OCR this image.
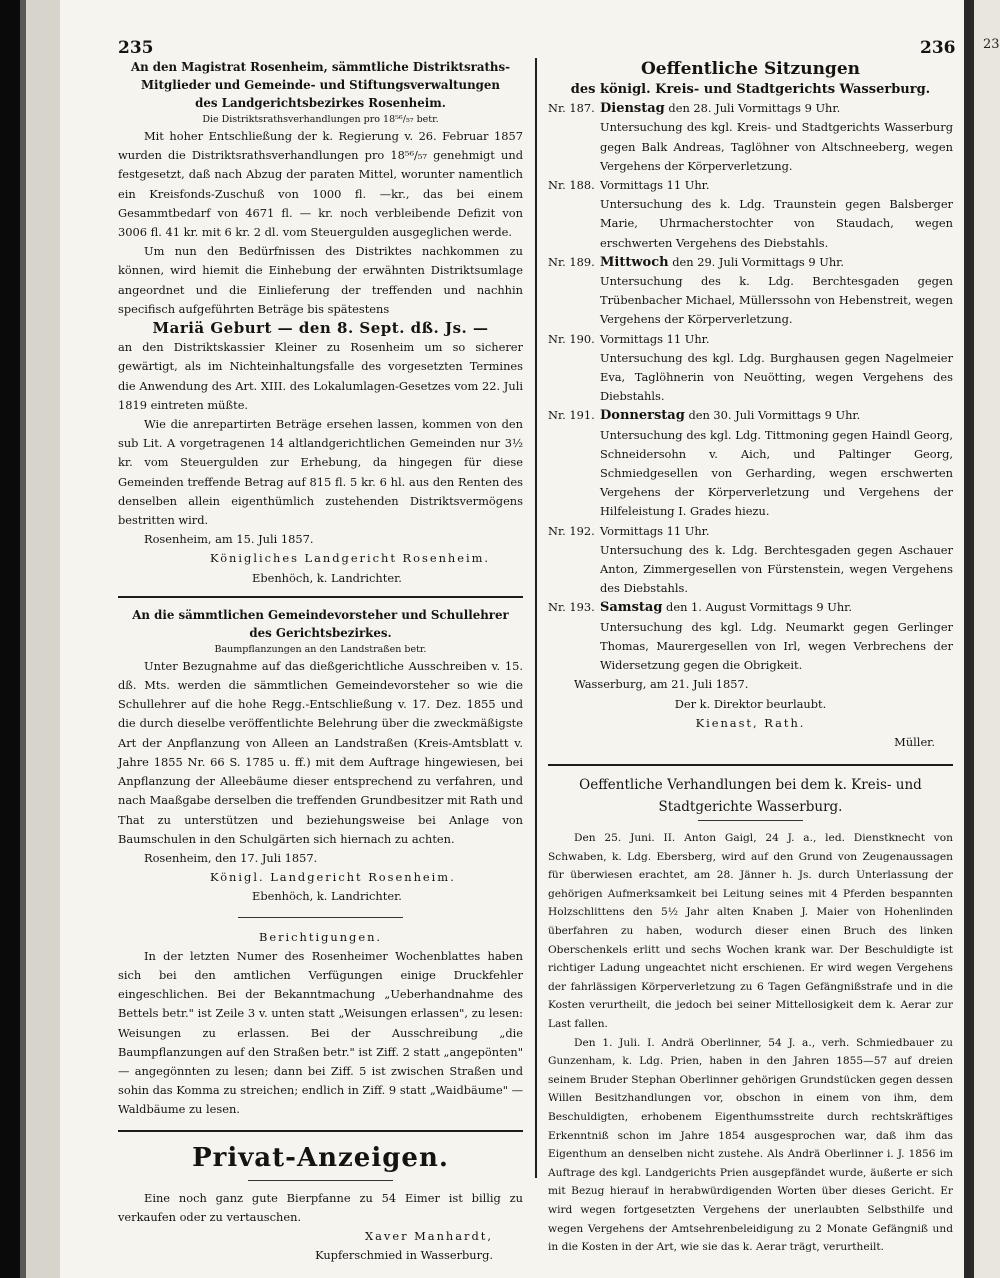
23
235	236
An den Magistrat Rosenheim, sämmtliche Distriktsraths-
Mitglieder und Gemeinde- und Stiftungsverwaltungen
des Landgerichtsbezirkes Rosenheim.

Die Distriktsrathsverhandlungen pro 18⁵⁶/₅₇ betr.

Mit hoher Entschließung der k. Regierung v. 26. Februar 1857 wurden die Distriktsrathsverhandlungen pro 18⁵⁶/₅₇ genehmigt und festgesetzt, daß nach Abzug der paraten Mittel, worunter namentlich ein Kreisfonds-Zuschuß von 1000 fl. —kr., das bei einem Gesammtbedarf von 4671 fl. — kr. noch verbleibende Defizit von 3006 fl. 41 kr. mit 6 kr. 2 dl. vom Steuergulden ausgeglichen werde.

Um nun den Bedürfnissen des Distriktes nachkommen zu können, wird hiemit die Einhebung der erwähnten Distriktsumlage angeordnet und die Einlieferung der treffenden und nachhin specifisch aufgeführten Beträge bis spätestens

Mariä Geburt — den 8. Sept. dß. Js. —

an den Distriktskassier Kleiner zu Rosenheim um so sicherer gewärtigt, als im Nichteinhaltungsfalle des vorgesetzten Termines die Anwendung des Art. XIII. des Lokalumlagen-Gesetzes vom 22. Juli 1819 eintreten müßte.

Wie die anrepartirten Beträge ersehen lassen, kommen von den sub Lit. A vorgetragenen 14 altlandgerichtlichen Gemeinden nur 3½ kr. vom Steuergulden zur Erhebung, da hingegen für diese Gemeinden treffende Betrag auf 815 fl. 5 kr. 6 hl. aus den Renten des denselben allein eigenthümlich zustehenden Distriktsvermögens bestritten wird.

Rosenheim, am 15. Juli 1857.

Königliches Landgericht Rosenheim.

Ebenhöch, k. Landrichter.

An die sämmtlichen Gemeindevorsteher und Schullehrer
des Gerichtsbezirkes.

Baumpflanzungen an den Landstraßen betr.

Unter Bezugnahme auf das dießgerichtliche Ausschreiben v. 15. dß. Mts. werden die sämmtlichen Gemeindevorsteher so wie die Schullehrer auf die hohe Regg.-Entschließung v. 17. Dez. 1855 und die durch dieselbe veröffentlichte Belehrung über die zweckmäßigste Art der Anpflanzung von Alleen an Landstraßen (Kreis-Amtsblatt v. Jahre 1855 Nr. 66 S. 1785 u. ff.) mit dem Auftrage hingewiesen, bei Anpflanzung der Alleebäume dieser entsprechend zu verfahren, und nach Maaßgabe derselben die treffenden Grundbesitzer mit Rath und That zu unterstützen und beziehungsweise bei Anlage von Baumschulen in den Schulgärten sich hiernach zu achten.

Rosenheim, den 17. Juli 1857.

Königl. Landgericht Rosenheim.

Ebenhöch, k. Landrichter.

Berichtigungen.

In der letzten Numer des Rosenheimer Wochenblattes haben sich bei den amtlichen Verfügungen einige Druckfehler eingeschlichen. Bei der Bekanntmachung „Ueberhandnahme des Bettels betr." ist Zeile 3 v. unten statt „Weisungen erlassen", zu lesen: Weisungen zu erlassen. Bei der Ausschreibung „die Baumpflanzungen auf den Straßen betr." ist Ziff. 2 statt „angepönten" — angegönnten zu lesen; dann bei Ziff. 5 ist zwischen Straßen und sohin das Komma zu streichen; endlich in Ziff. 9 statt „Waidbäume" — Waldbäume zu lesen.

Privat-Anzeigen.

Eine noch ganz gute Bierpfanne zu 54 Eimer ist billig zu verkaufen oder zu vertauschen.

Xaver Manhardt,

Kupferschmied in Wasserburg.

Oeffentliche Sitzungen

des königl. Kreis- und Stadtgerichts Wasserburg.

Nr. 187. Dienstag den 28. Juli Vormittags 9 Uhr.

Untersuchung des kgl. Kreis- und Stadtgerichts Wasserburg gegen Balk Andreas, Taglöhner von Altschneeberg, wegen Vergehens der Körperverletzung.

Nr. 188. Vormittags 11 Uhr.

Untersuchung des k. Ldg. Traunstein gegen Balsberger Marie, Uhrmacherstochter von Staudach, wegen erschwerten Vergehens des Diebstahls.

Nr. 189. Mittwoch den 29. Juli Vormittags 9 Uhr.

Untersuchung des k. Ldg. Berchtesgaden gegen Trübenbacher Michael, Müllerssohn von Hebenstreit, wegen Vergehens der Körperverletzung.

Nr. 190. Vormittags 11 Uhr.

Untersuchung des kgl. Ldg. Burghausen gegen Nagelmeier Eva, Taglöhnerin von Neuötting, wegen Vergehens des Diebstahls.

Nr. 191. Donnerstag den 30. Juli Vormittags 9 Uhr.

Untersuchung des kgl. Ldg. Tittmoning gegen Haindl Georg, Schneidersohn v. Aich, und Paltinger Georg, Schmiedgesellen von Gerharding, wegen erschwerten Vergehens der Körperverletzung und Vergehens der Hilfeleistung I. Grades hiezu.

Nr. 192. Vormittags 11 Uhr.

Untersuchung des k. Ldg. Berchtesgaden gegen Aschauer Anton, Zimmergesellen von Fürstenstein, wegen Vergehens des Diebstahls.

Nr. 193. Samstag den 1. August Vormittags 9 Uhr.

Untersuchung des kgl. Ldg. Neumarkt gegen Gerlinger Thomas, Maurergesellen von Irl, wegen Verbrechens der Widersetzung gegen die Obrigkeit.

Wasserburg, am 21. Juli 1857.

Der k. Direktor beurlaubt.

Kienast, Rath.

Müller.

Oeffentliche Verhandlungen bei dem k. Kreis- und
Stadtgerichte Wasserburg.

Den 25. Juni. II. Anton Gaigl, 24 J. a., led. Dienstknecht von Schwaben, k. Ldg. Ebersberg, wird auf den Grund von Zeugenaussagen für überwiesen erachtet, am 28. Jänner h. Js. durch Unterlassung der gehörigen Aufmerksamkeit bei Leitung seines mit 4 Pferden bespannten Holzschlittens den 5½ Jahr alten Knaben J. Maier von Hohenlinden überfahren zu haben, wodurch dieser einen Bruch des linken Oberschenkels erlitt und sechs Wochen krank war. Der Beschuldigte ist richtiger Ladung ungeachtet nicht erschienen. Er wird wegen Vergehens der fahrlässigen Körperverletzung zu 6 Tagen Gefängnißstrafe und in die Kosten verurtheilt, die jedoch bei seiner Mittellosigkeit dem k. Aerar zur Last fallen.

Den 1. Juli. I. Andrä Oberlinner, 54 J. a., verh. Schmiedbauer zu Gunzenham, k. Ldg. Prien, haben in den Jahren 1855—57 auf dreien seinem Bruder Stephan Oberlinner gehörigen Grundstücken gegen dessen Willen Besitzhandlungen vor, obschon in einem von ihm, dem Beschuldigten, erhobenem Eigenthumsstreite durch rechtskräftiges Erkenntniß schon im Jahre 1854 ausgesprochen war, daß ihm das Eigenthum an denselben nicht zustehe. Als Andrä Oberlinner i. J. 1856 im Auftrage des kgl. Landgerichts Prien ausgepfändet wurde, äußerte er sich mit Bezug hierauf in herabwürdigenden Worten über dieses Gericht. Er wird wegen fortgesetzten Vergehens der unerlaubten Selbsthilfe und wegen Vergehens der Amtsehrenbeleidigung zu 2 Monate Gefängniß und in die Kosten in der Art, wie sie das k. Aerar trägt, verurtheilt.
